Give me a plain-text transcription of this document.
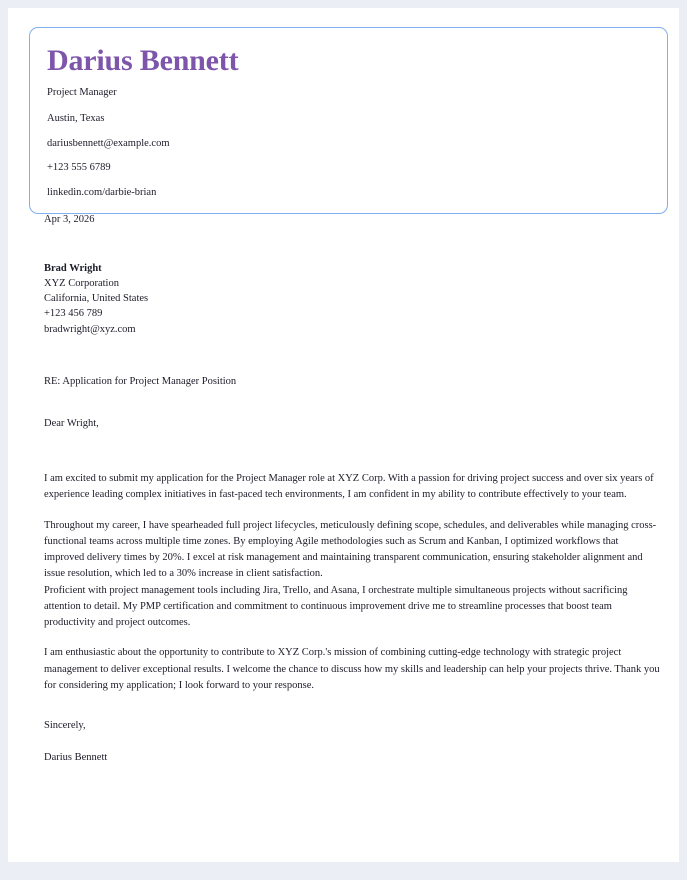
Darius Bennett
Project Manager
Austin, Texas
dariusbennett@example.com
+123 555 6789
linkedin.com/darbie-brian
Apr 3, 2026
Brad Wright
XYZ Corporation
California, United States
+123 456 789
bradwright@xyz.com
RE: Application for Project Manager Position
Dear Wright,

I am excited to submit my application for the Project Manager role at XYZ Corp. With a passion for driving project success and over six years of experience leading complex initiatives in fast-paced tech environments, I am confident in my ability to contribute effectively to your team.

Throughout my career, I have spearheaded full project lifecycles, meticulously defining scope, schedules, and deliverables while managing cross-functional teams across multiple time zones. By employing Agile methodologies such as Scrum and Kanban, I optimized workflows that improved delivery times by 20%. I excel at risk management and maintaining transparent communication, ensuring stakeholder alignment and issue resolution, which led to a 30% increase in client satisfaction.

Proficient with project management tools including Jira, Trello, and Asana, I orchestrate multiple simultaneous projects without sacrificing attention to detail. My PMP certification and commitment to continuous improvement drive me to streamline processes that boost team productivity and project outcomes.

I am enthusiastic about the opportunity to contribute to XYZ Corp.'s mission of combining cutting-edge technology with strategic project management to deliver exceptional results. I welcome the chance to discuss how my skills and leadership can help your projects thrive. Thank you for considering my application; I look forward to your response.

Sincerely,
Darius Bennett
